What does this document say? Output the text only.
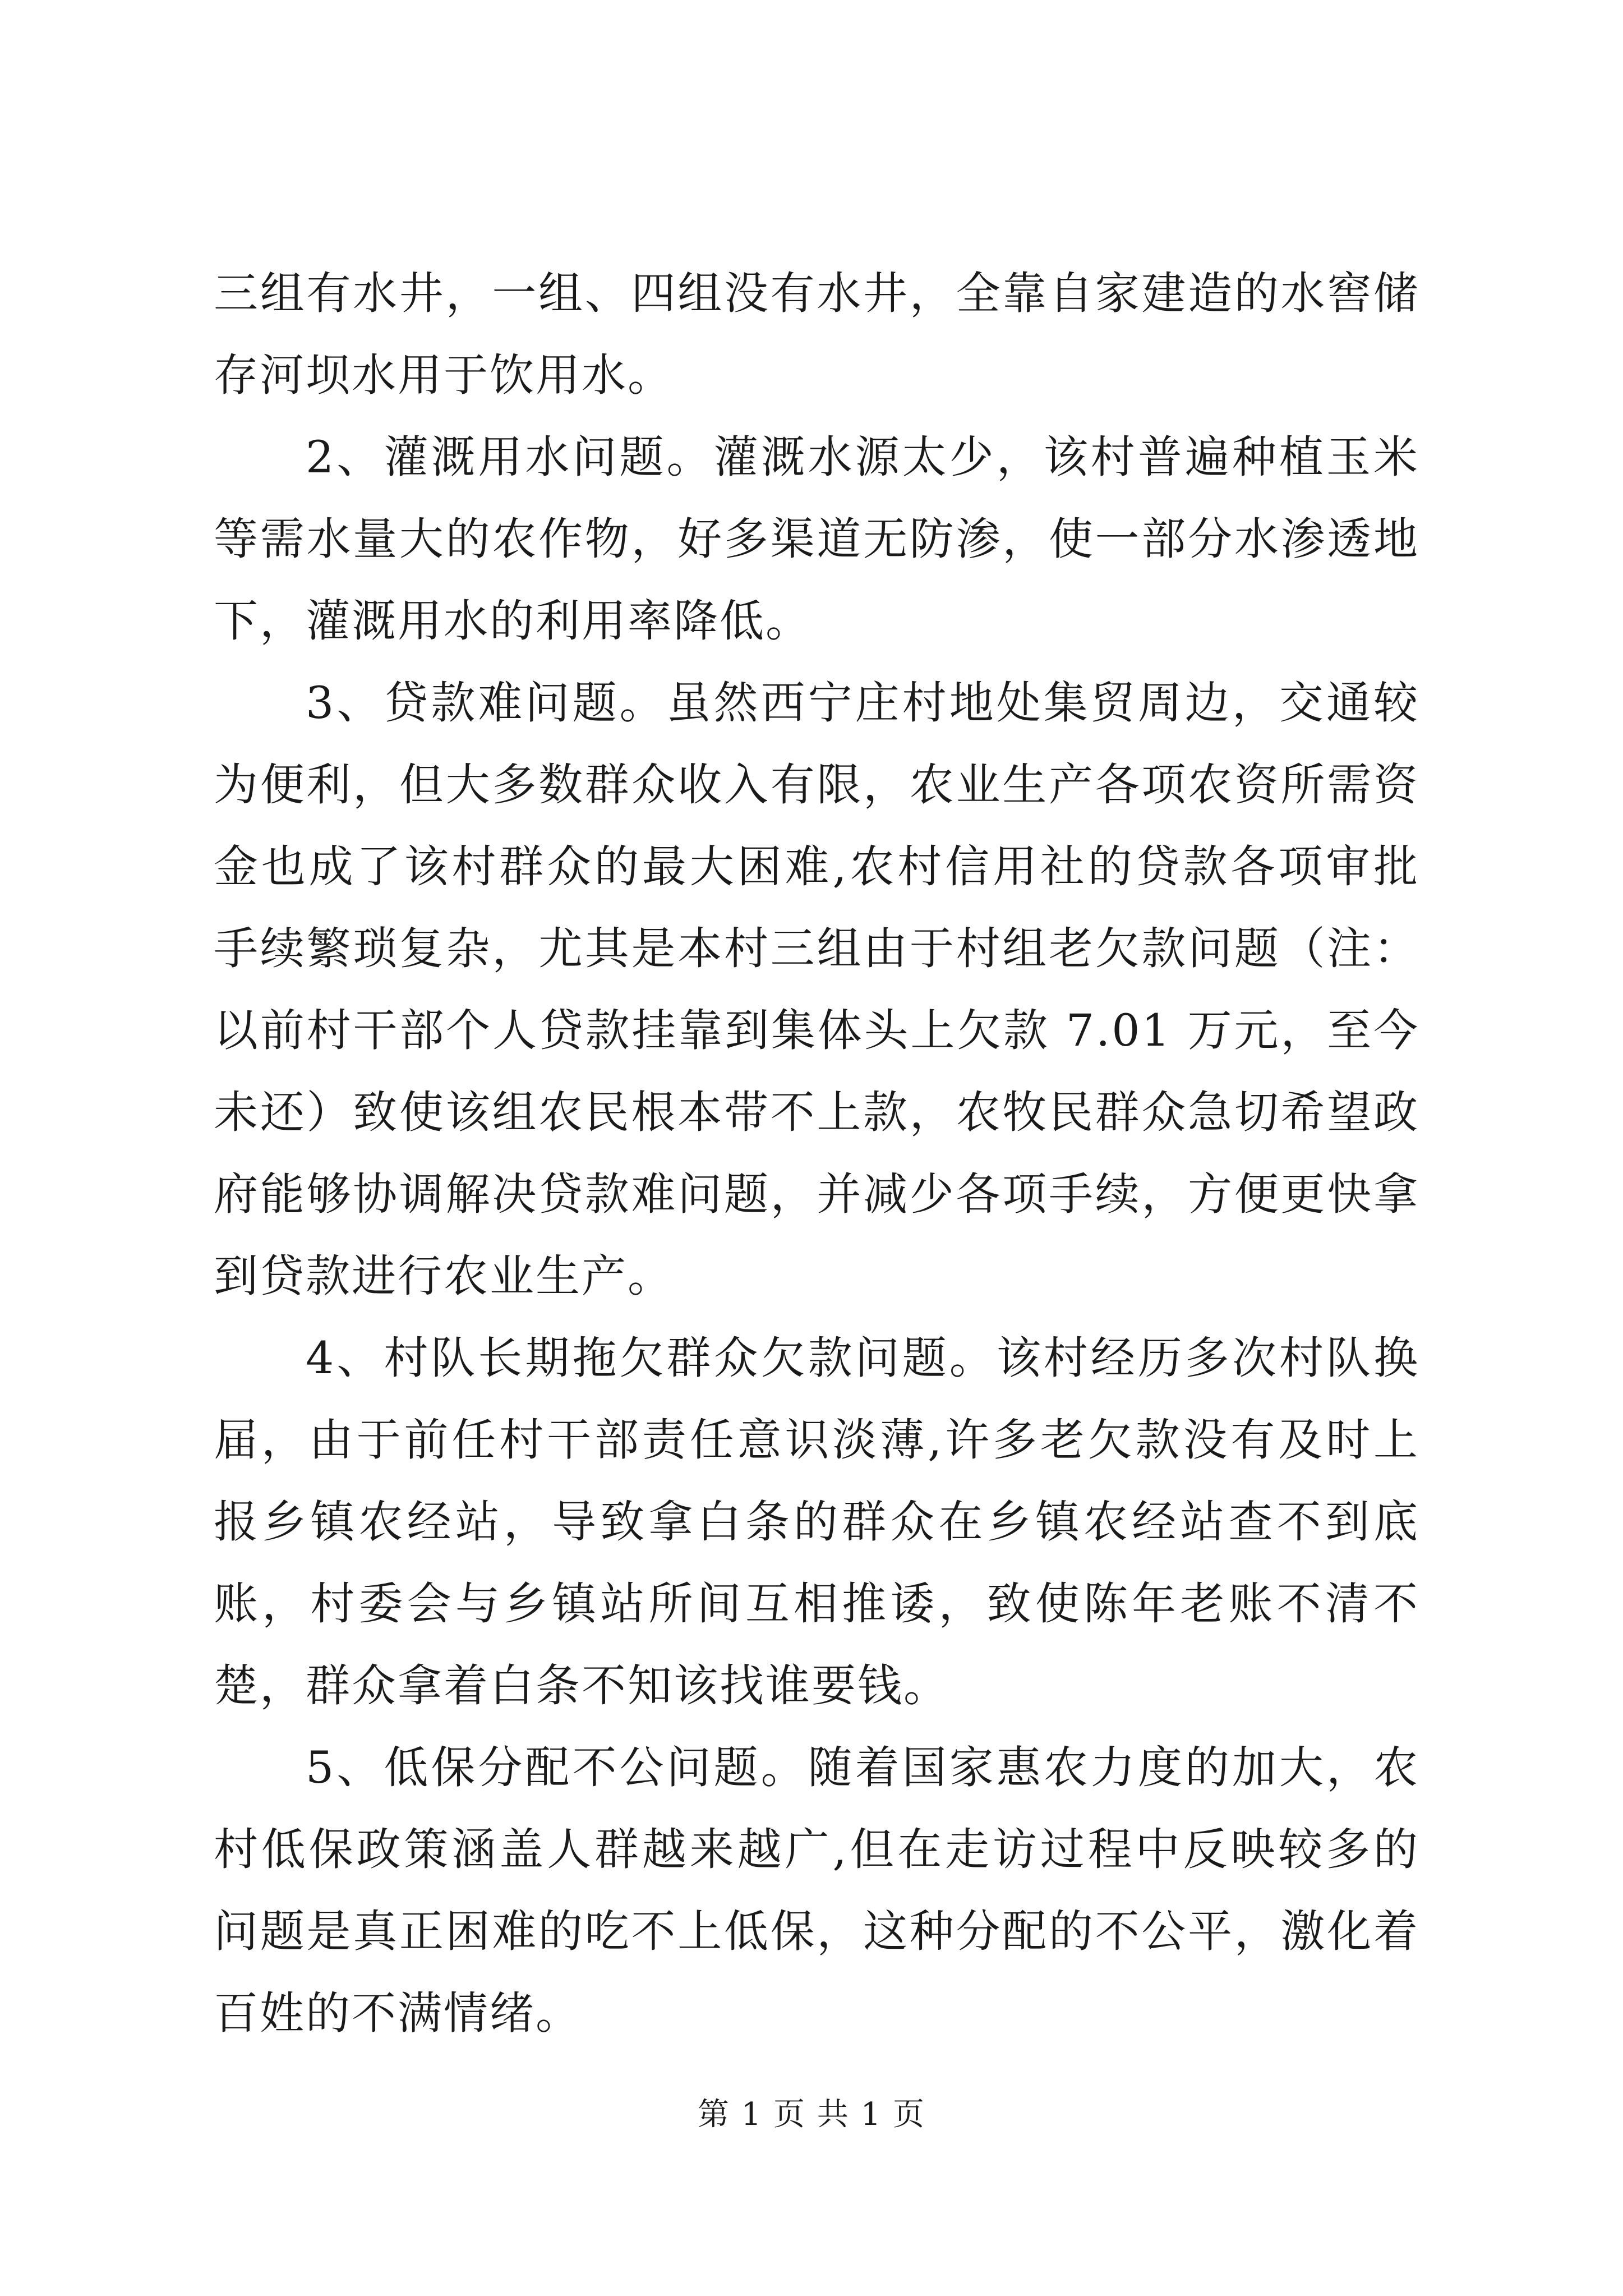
三组有水井，一组、四组没有水井，全靠自家建造的水窖储存河坝水用于饮用水。

2、灌溉用水问题。灌溉水源太少，该村普遍种植玉米等需水量大的农作物，好多渠道无防渗，使一部分水渗透地下，灌溉用水的利用率降低。

3、贷款难问题。虽然西宁庄村地处集贸周边，交通较为便利，但大多数群众收入有限，农业生产各项农资所需资金也成了该村群众的最大困难,农村信用社的贷款各项审批手续繁琐复杂，尤其是本村三组由于村组老欠款问题（注：以前村干部个人贷款挂靠到集体头上欠款 7.01 万元，至今未还）致使该组农民根本带不上款，农牧民群众急切希望政府能够协调解决贷款难问题，并减少各项手续，方便更快拿到贷款进行农业生产。

4、村队长期拖欠群众欠款问题。该村经历多次村队换届，由于前任村干部责任意识淡薄,许多老欠款没有及时上报乡镇农经站，导致拿白条的群众在乡镇农经站查不到底账，村委会与乡镇站所间互相推诿，致使陈年老账不清不楚，群众拿着白条不知该找谁要钱。

5、低保分配不公问题。随着国家惠农力度的加大，农村低保政策涵盖人群越来越广,但在走访过程中反映较多的问题是真正困难的吃不上低保，这种分配的不公平，激化着百姓的不满情绪。

第 1 页 共 1 页
